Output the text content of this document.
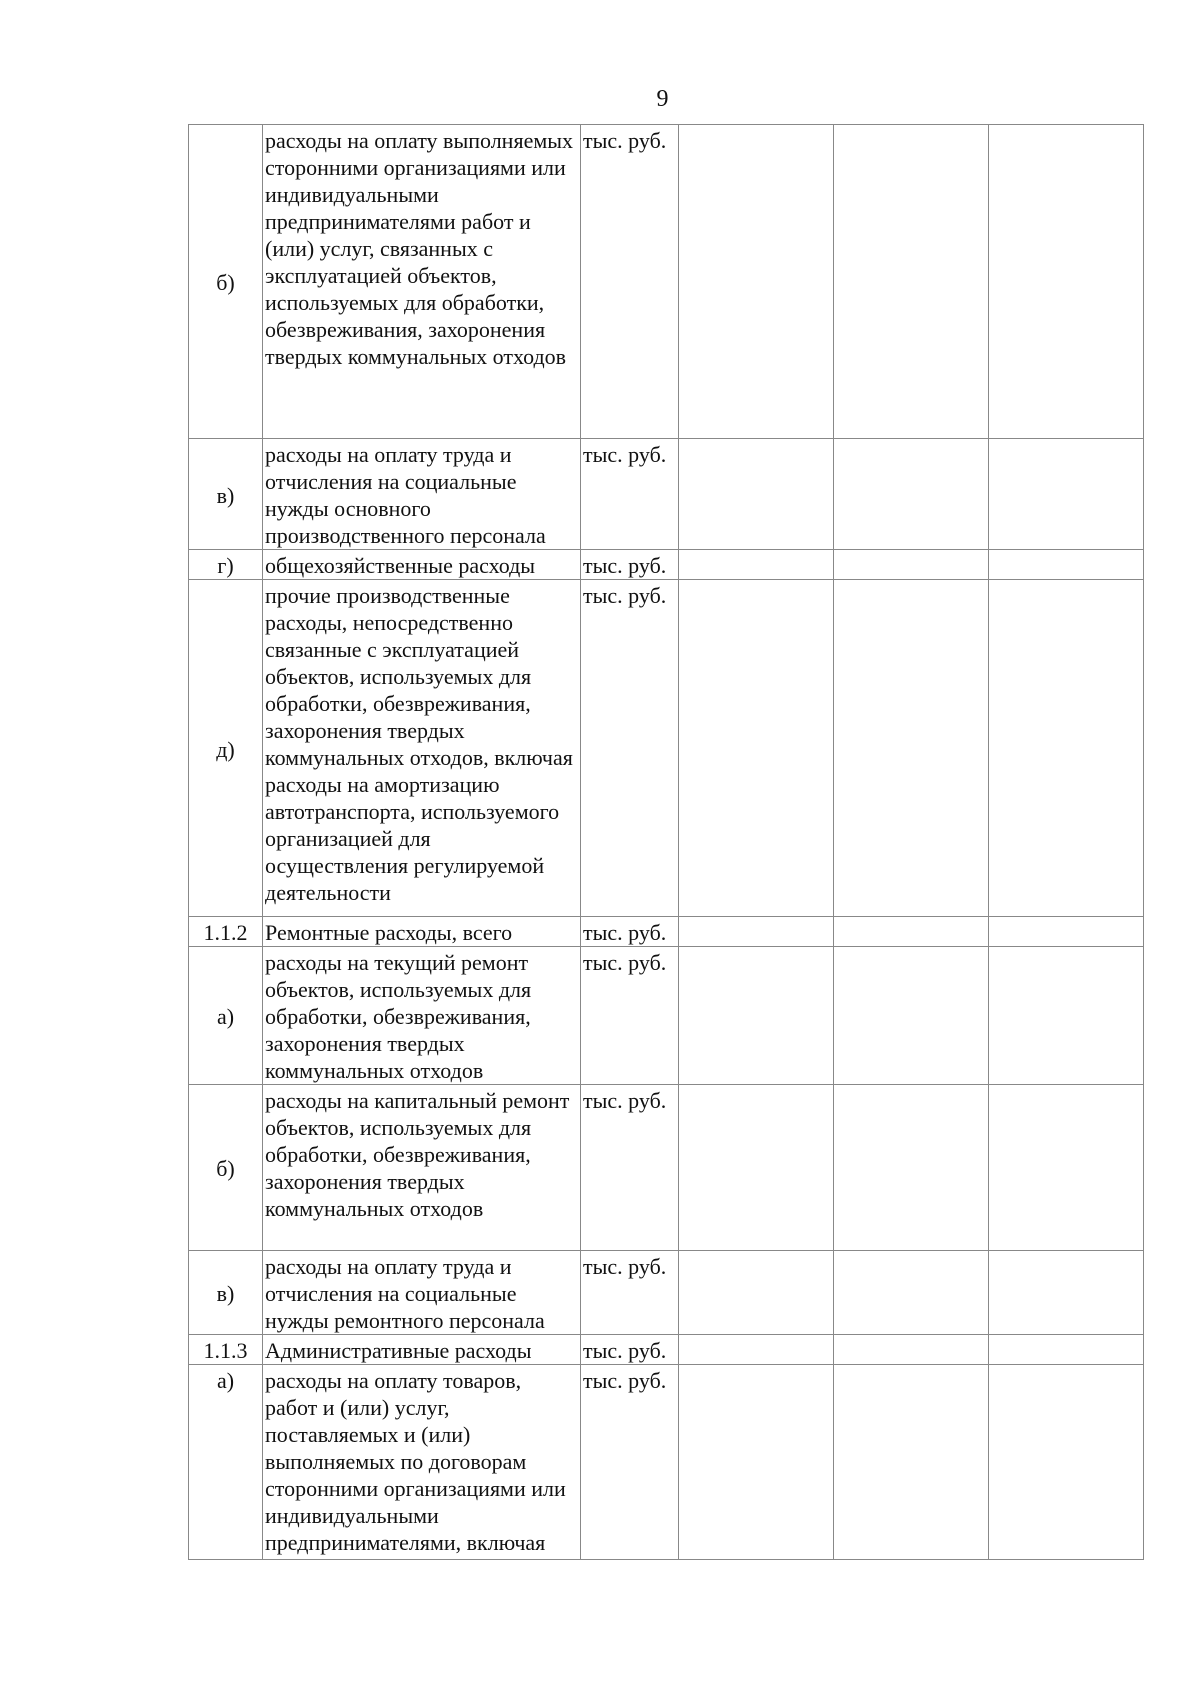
9
б)	расходы на оплату выполняемых сторонними организациями или индивидуальными предпринимателями работ и (или) услуг, связанных с эксплуатацией объектов, используемых для обработки, обезвреживания, захоронения твердых коммунальных отходов	тыс. руб.			
в)	расходы на оплату труда и отчисления на социальные нужды основного производственного персонала	тыс. руб.			
г)	общехозяйственные расходы	тыс. руб.			
д)	прочие производственные расходы, непосредственно связанные с эксплуатацией объектов, используемых для обработки, обезвреживания, захоронения твердых коммунальных отходов, включая расходы на амортизацию автотранспорта, используемого организацией для осуществления регулируемой деятельности	тыс. руб.			
1.1.2	Ремонтные расходы, всего	тыс. руб.			
а)	расходы на текущий ремонт объектов, используемых для обработки, обезвреживания, захоронения твердых коммунальных отходов	тыс. руб.			
б)	расходы на капитальный ремонт объектов, используемых для обработки, обезвреживания, захоронения твердых коммунальных отходов	тыс. руб.			
в)	расходы на оплату труда и отчисления на социальные нужды ремонтного персонала	тыс. руб.			
1.1.3	Административные расходы	тыс. руб.			
а)	расходы на оплату товаров, работ и (или) услуг, поставляемых и (или) выполняемых по договорам сторонними организациями или индивидуальными предпринимателями, включая	тыс. руб.			
